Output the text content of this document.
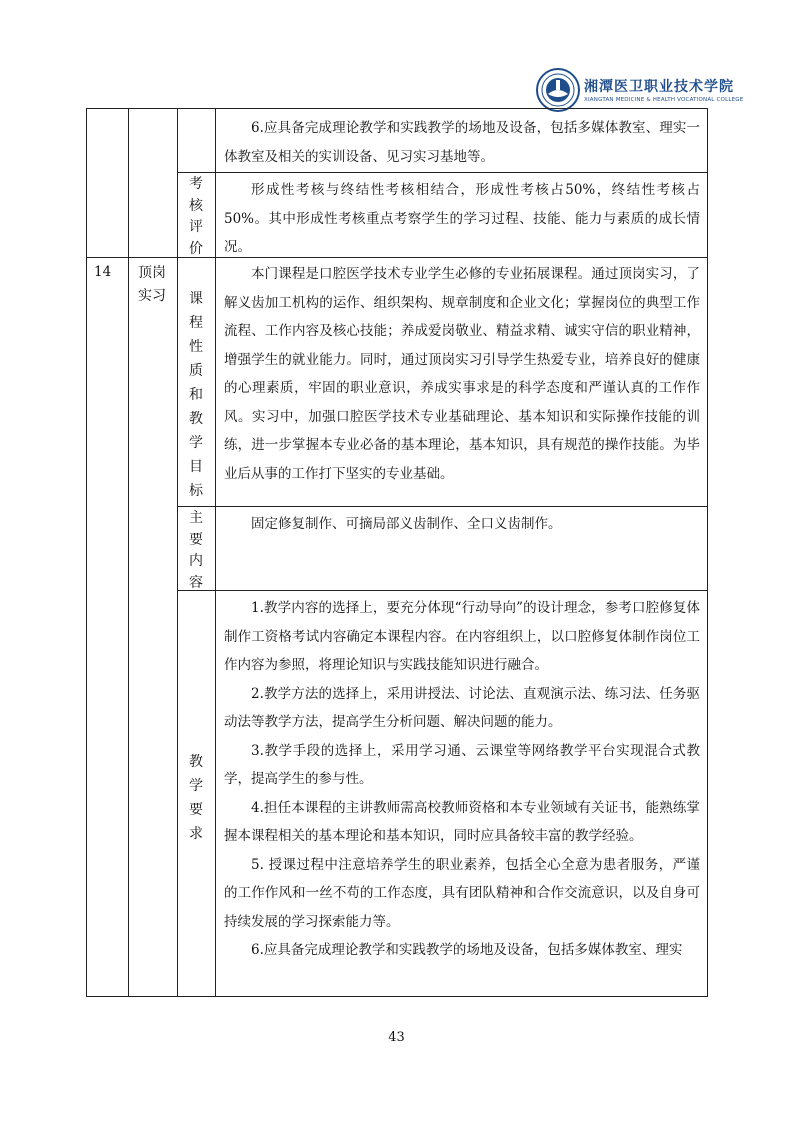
湘潭医卫职业技术学院
XIANGTAN MEDICINE & HEALTH VOCATIONAL COLLEGE

6.应具备完成理论教学和实践教学的场地及设备，包括多媒体教室、理实一体教室及相关的实训设备、见习实习基地等。

考核评价

形成性考核与终结性考核相结合，形成性考核占50%，终结性考核占50%。其中形成性考核重点考察学生的学习过程、技能、能力与素质的成长情况。

14 顶岗实习	课程性质和教学目标

本门课程是口腔医学技术专业学生必修的专业拓展课程。通过顶岗实习，了解义齿加工机构的运作、组织架构、规章制度和企业文化；掌握岗位的典型工作流程、工作内容及核心技能；养成爱岗敬业、精益求精、诚实守信的职业精神，增强学生的就业能力。同时，通过顶岗实习引导学生热爱专业，培养良好的健康的心理素质，牢固的职业意识，养成实事求是的科学态度和严谨认真的工作作风。实习中，加强口腔医学技术专业基础理论、基本知识和实际操作技能的训练，进一步掌握本专业必备的基本理论，基本知识，具有规范的操作技能。为毕业后从事的工作打下坚实的专业基础。

主要内容

固定修复制作、可摘局部义齿制作、全口义齿制作。

教学要求

1.教学内容的选择上，要充分体现“行动导向”的设计理念，参考口腔修复体制作工资格考试内容确定本课程内容。在内容组织上，以口腔修复体制作岗位工作内容为参照，将理论知识与实践技能知识进行融合。

2.教学方法的选择上，采用讲授法、讨论法、直观演示法、练习法、任务驱动法等教学方法，提高学生分析问题、解决问题的能力。

3.教学手段的选择上，采用学习通、云课堂等网络教学平台实现混合式教学，提高学生的参与性。

4.担任本课程的主讲教师需高校教师资格和本专业领域有关证书，能熟练掌握本课程相关的基本理论和基本知识，同时应具备较丰富的教学经验。

5. 授课过程中注意培养学生的职业素养，包括全心全意为患者服务，严谨的工作作风和一丝不苟的工作态度，具有团队精神和合作交流意识，以及自身可持续发展的学习探索能力等。

6.应具备完成理论教学和实践教学的场地及设备，包括多媒体教室、理实

43
